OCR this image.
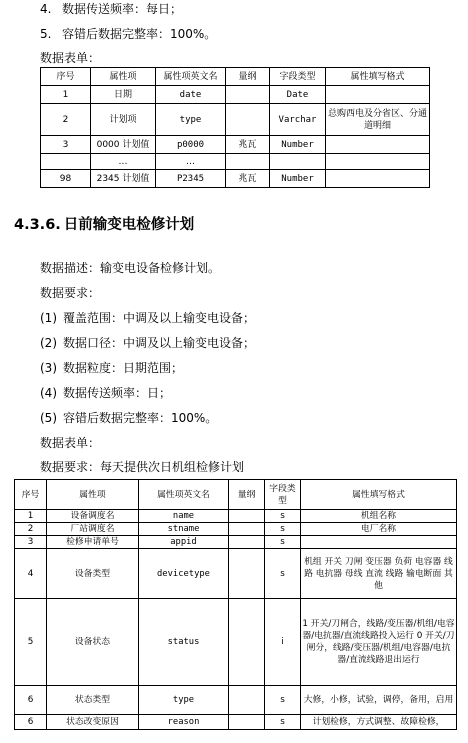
4. 数据传送频率：每日；
5. 容错后数据完整率：100%。
数据表单：
序号	属性项	属性项英文名	量纲	字段类型	属性填写格式
1	日期	date		Date	
2	计划项	type		Varchar	总购西电及分省区、分通道明细
3	0000 计划值	p0000	兆瓦	Number	
	…	…			
98	2345 计划值	P2345	兆瓦	Number	
4.3.6. 日前输变电检修计划
数据描述：输变电设备检修计划。
数据要求：
(1) 覆盖范围：中调及以上输变电设备；
(2) 数据口径：中调及以上输变电设备；
(3) 数据粒度：日期范围；
(4) 数据传送频率：日；
(5) 容错后数据完整率：100%。
数据表单：
数据要求：每天提供次日机组检修计划
序号	属性项	属性项英文名	量纲	字段类型	属性填写格式
1	设备调度名	name		s	机组名称
2	厂站调度名	stname		s	电厂名称
3	检修申请单号	appid		s	
4	设备类型	devicetype		s	机组 开关 刀闸 变压器 负荷 电容器 线路 电抗器 母线 直流 线路 输电断面 其他
5	设备状态	status		i	1 开关/刀闸合，线路/变压器/机组/电容器/电抗器/直流线路投入运行 0 开关/刀闸分，线路/变压器/机组/电容器/电抗器/直流线路退出运行
6	状态类型	type		s	大修，小修，试验，调停，备用，启用
6	状态改变原因	reason		s	计划检修，方式调整、故障检修，
